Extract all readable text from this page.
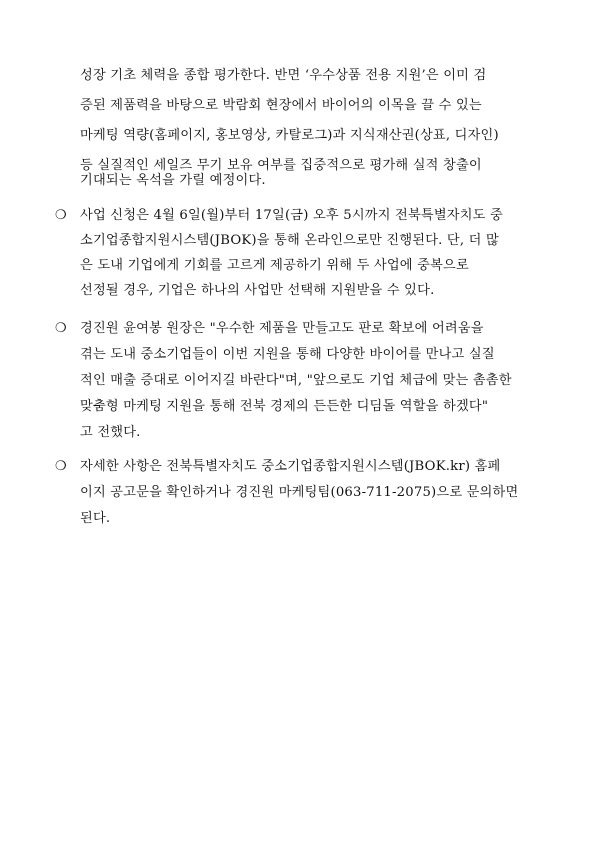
성장 기초 체력을 종합 평가한다. 반면 ‘우수상품 전용 지원’은 이미 검
증된 제품력을 바탕으로 박람회 현장에서 바이어의 이목을 끌 수 있는
마케팅 역량(홈페이지, 홍보영상, 카탈로그)과 지식재산권(상표, 디자인)
등 실질적인 세일즈 무기 보유 여부를 집중적으로 평가해 실적 창출이
기대되는 옥석을 가릴 예정이다.
❍ 사업 신청은 4월 6일(월)부터 17일(금) 오후 5시까지 전북특별자치도 중
소기업종합지원시스템(JBOK)을 통해 온라인으로만 진행된다. 단, 더 많
은 도내 기업에게 기회를 고르게 제공하기 위해 두 사업에 중복으로
선정될 경우, 기업은 하나의 사업만 선택해 지원받을 수 있다.
❍ 경진원 윤여봉 원장은 "우수한 제품을 만들고도 판로 확보에 어려움을
겪는 도내 중소기업들이 이번 지원을 통해 다양한 바이어를 만나고 실질
적인 매출 증대로 이어지길 바란다"며, "앞으로도 기업 체급에 맞는 촘촘한
맞춤형 마케팅 지원을 통해 전북 경제의 든든한 디딤돌 역할을 하겠다"
고 전했다.
❍ 자세한 사항은 전북특별자치도 중소기업종합지원시스템(JBOK.kr) 홈페
이지 공고문을 확인하거나 경진원 마케팅팀(063-711-2075)으로 문의하면
된다.
